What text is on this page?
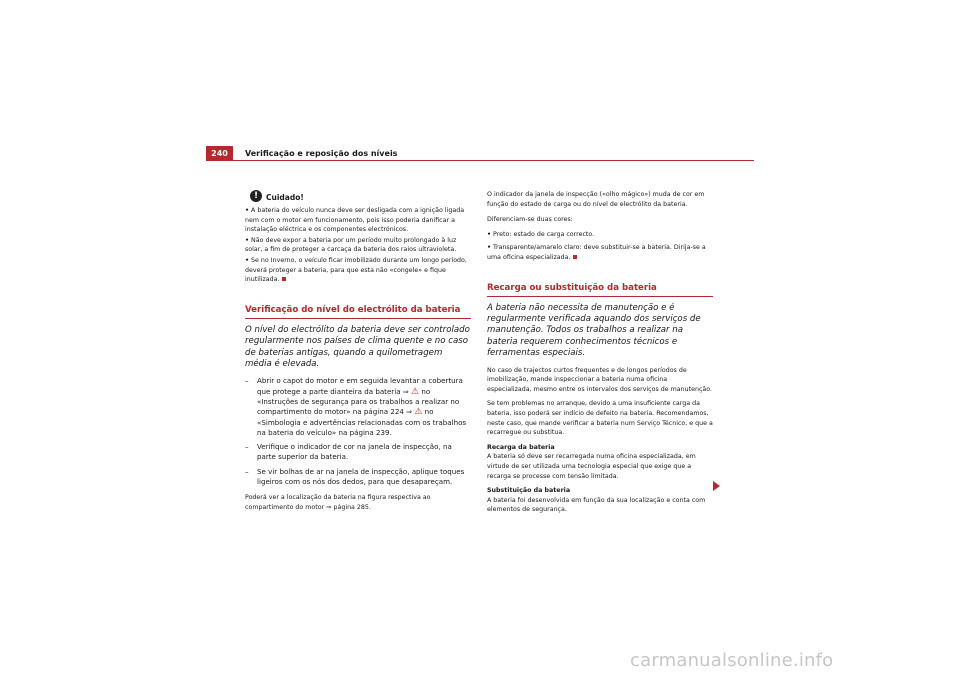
240	Verificação e reposição dos níveis
!	Cuidado!
• A bateria do veículo nunca deve ser desligada com a ignição ligada nem com o motor em funcionamento, pois isso poderia danificar a instalação eléctrica e os componentes electrónicos.
• Não deve expor a bateria por um período muito prolongado à luz solar, a fim de proteger a carcaça da bateria dos raios ultravioleta.
• Se no Inverno, o veículo ficar imobilizado durante um longo período, deverá proteger a bateria, para que esta não «congele» e fique inutilizada.
Verificação do nível do electrólito da bateria
O nível do electrólito da bateria deve ser controlado regularmente nos países de clima quente e no caso de baterias antigas, quando a quilometragem média é elevada.
–	Abrir o capot do motor e em seguida levantar a cobertura que protege a parte dianteira da bateria ⇒ ⚠ no «Instruções de segurança para os trabalhos a realizar no compartimento do motor» na página 224 ⇒ ⚠ no «Simbologia e advertências relacionadas com os trabalhos na bateria do veículo» na página 239.
–	Verifique o indicador de cor na janela de inspecção, na parte superior da bateria.
–	Se vir bolhas de ar na janela de inspecção, aplique toques ligeiros com os nós dos dedos, para que desapareçam.
Poderá ver a localização da bateria na figura respectiva ao compartimento do motor ⇒ página 285.
O indicador da janela de inspecção («olho mágico») muda de cor em função do estado de carga ou do nível de electrólito da bateria.
Diferenciam-se duas cores:
• Preto: estado de carga correcto.
• Transparente/amarelo claro: deve substituir-se a bateria. Dirija-se a uma oficina especializada.
Recarga ou substituição da bateria
A bateria não necessita de manutenção e é regularmente verificada aquando dos serviços de manutenção. Todos os trabalhos a realizar na bateria requerem conhecimentos técnicos e ferramentas especiais.
No caso de trajectos curtos frequentes e de longos períodos de imobilização, mande inspeccionar a bateria numa oficina especializada, mesmo entre os intervalos dos serviços de manutenção.
Se tem problemas no arranque, devido a uma insuficiente carga da bateria, isso poderá ser indício de defeito na bateria. Recomendamos, neste caso, que mande verificar a bateria num Serviço Técnico, e que a recarregue ou substitua.
Recarga da bateria
A bateria só deve ser recarregada numa oficina especializada, em virtude de ser utilizada uma tecnologia especial que exige que a recarga se processe com tensão limitada.
Substituição da bateria
A bateria foi desenvolvida em função da sua localização e conta com elementos de segurança.
carmanualsonline.info
